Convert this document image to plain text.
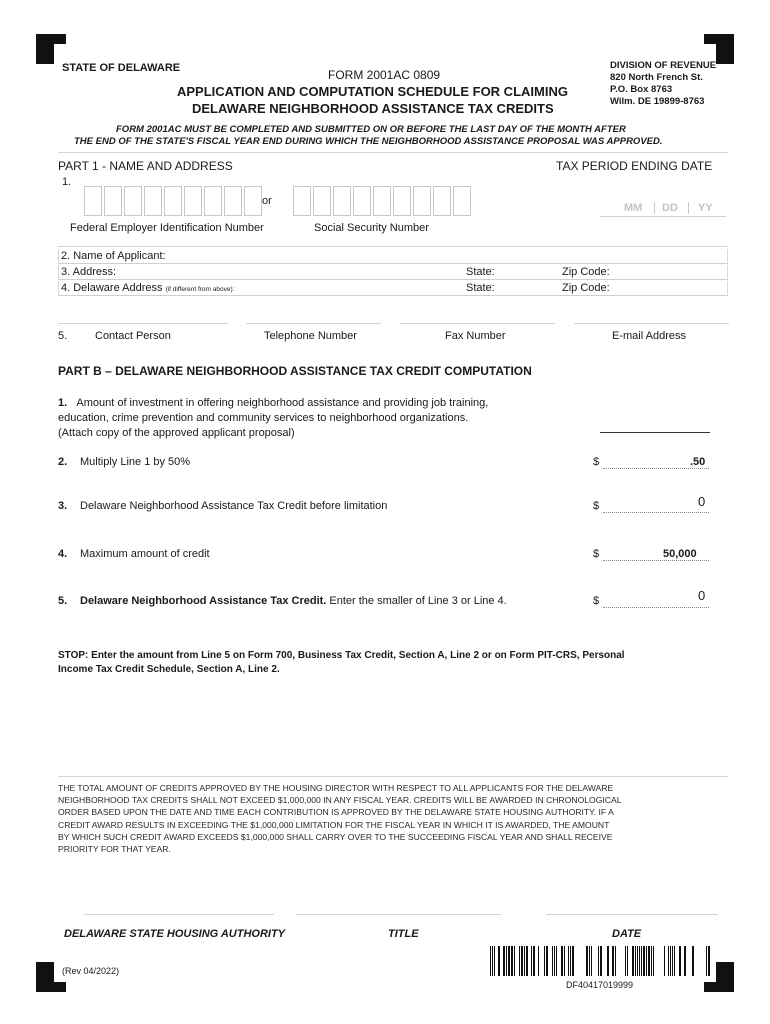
STATE OF DELAWARE	FORM 2001AC 0809
APPLICATION AND COMPUTATION SCHEDULE FOR CLAIMING
DELAWARE NEIGHBORHOOD ASSISTANCE TAX CREDITS
DIVISION OF REVENUE
820 North French St.
P.O. Box 8763
Wilm. DE 19899-8763
FORM 2001AC MUST BE COMPLETED AND SUBMITTED ON OR BEFORE THE LAST DAY OF THE MONTH AFTER
THE END OF THE STATE'S FISCAL YEAR END DURING WHICH THE NEIGHBORHOOD ASSISTANCE PROPOSAL WAS APPROVED.
PART 1 - NAME AND ADDRESS	TAX PERIOD ENDING DATE
1.
or
MM DD YY
Federal Employer Identification Number	Social Security Number
2. Name of Applicant:
3. Address:	State:	Zip Code:
4. Delaware Address (if different from above):	State:	Zip Code:
5.	Contact Person	Telephone Number	Fax Number	E-mail Address
PART B – DELAWARE NEIGHBORHOOD ASSISTANCE TAX CREDIT COMPUTATION
1. Amount of investment in offering neighborhood assistance and providing job training,
education, crime prevention and community services to neighborhood organizations.
(Attach copy of the approved applicant proposal)
2. Multiply Line 1 by 50%	$	.50
3. Delaware Neighborhood Assistance Tax Credit before limitation	$	0
4. Maximum amount of credit	$	50,000
5. Delaware Neighborhood Assistance Tax Credit. Enter the smaller of Line 3 or Line 4.	$	0
STOP: Enter the amount from Line 5 on Form 700, Business Tax Credit, Section A, Line 2 or on Form PIT-CRS, Personal
Income Tax Credit Schedule, Section A, Line 2.
THE TOTAL AMOUNT OF CREDITS APPROVED BY THE HOUSING DIRECTOR WITH RESPECT TO ALL APPLICANTS FOR THE DELAWARE
NEIGHBORHOOD TAX CREDITS SHALL NOT EXCEED $1,000,000 IN ANY FISCAL YEAR. CREDITS WILL BE AWARDED IN CHRONOLOGICAL
ORDER BASED UPON THE DATE AND TIME EACH CONTRIBUTION IS APPROVED BY THE DELAWARE STATE HOUSING AUTHORITY. IF A
CREDIT AWARD RESULTS IN EXCEEDING THE $1,000,000 LIMITATION FOR THE FISCAL YEAR IN WHICH IT IS AWARDED, THE AMOUNT
BY WHICH SUCH CREDIT AWARD EXCEEDS $1,000,000 SHALL CARRY OVER TO THE SUCCEEDING FISCAL YEAR AND SHALL RECEIVE
PRIORITY FOR THAT YEAR.
DELAWARE STATE HOUSING AUTHORITY	TITLE	DATE
(Rev 04/2022)
DF40417019999
